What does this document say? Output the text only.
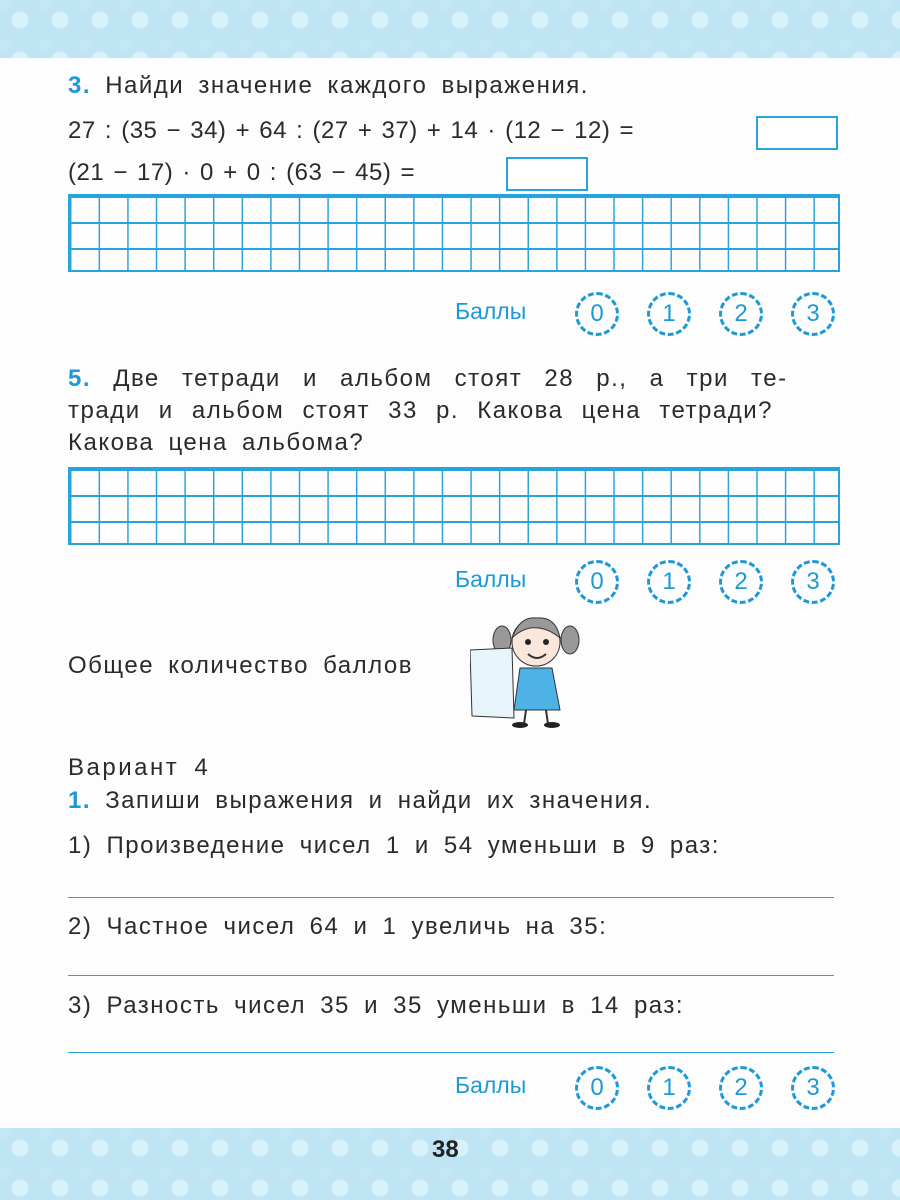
3. Найди значение каждого выражения.
27 : (35 − 34) + 64 : (27 + 37) + 14 · (12 − 12) =
(21 − 17) · 0 + 0 : (63 − 45) =
Баллы	0	1	2	3
5. Две тетради и альбом стоят 28 р., а три те-
тради и альбом стоят 33 р. Какова цена тетради?
Какова цена альбома?
Баллы	0	1	2	3
Общее количество баллов
Вариант 4
1. Запиши выражения и найди их значения.
1) Произведение чисел 1 и 54 уменьши в 9 раз:
2) Частное чисел 64 и 1 увеличь на 35:
3) Разность чисел 35 и 35 уменьши в 14 раз:
Баллы	0	1	2	3
38
